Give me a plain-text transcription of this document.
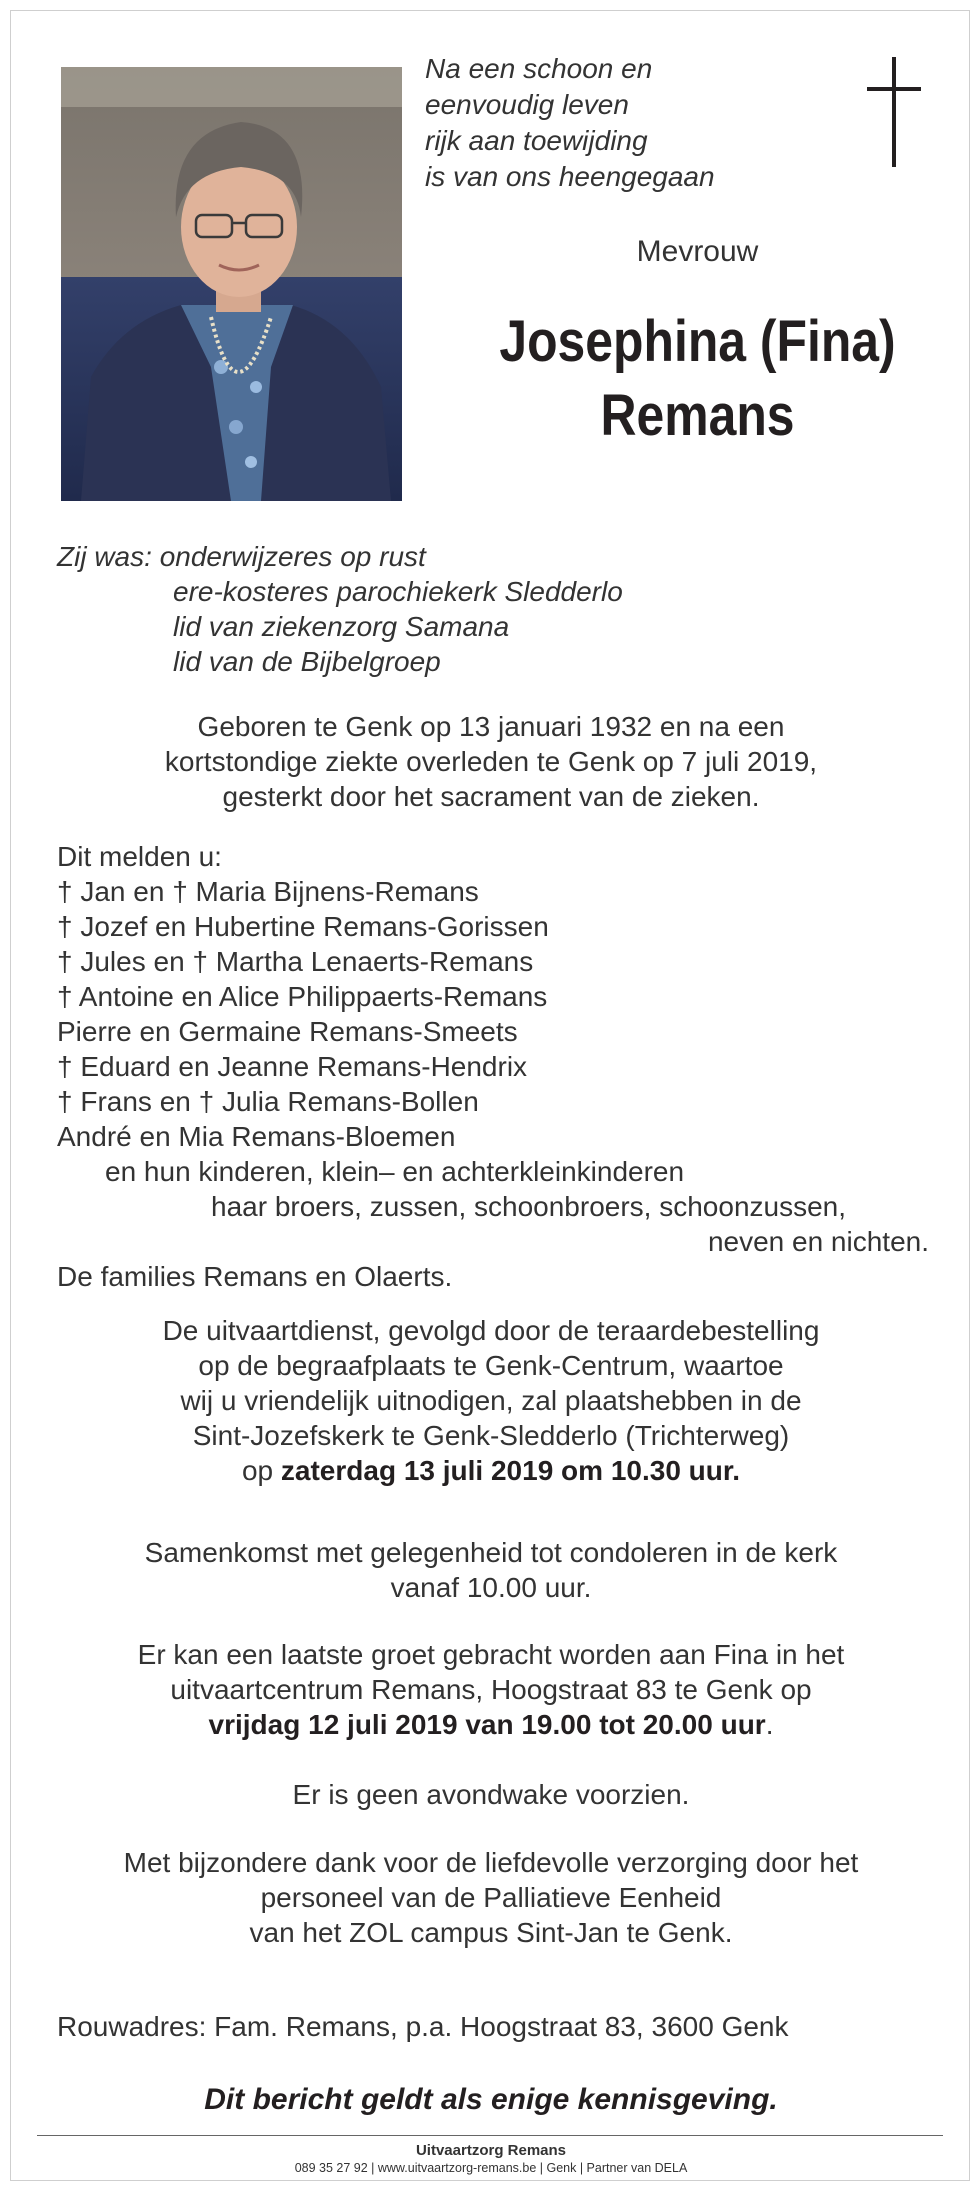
Na een schoon en
eenvoudig leven
rijk aan toewijding
is van ons heengegaan
Mevrouw
Josephina (Fina)
Remans
Zij was: onderwijzeres op rust
ere-kosteres parochiekerk Sledderlo
lid van ziekenzorg Samana
lid van de Bijbelgroep
Geboren te Genk op 13 januari 1932 en na een
kortstondige ziekte overleden te Genk op 7 juli 2019,
gesterkt door het sacrament van de zieken.
Dit melden u:
† Jan en † Maria Bijnens-Remans
† Jozef en Hubertine Remans-Gorissen
† Jules en † Martha Lenaerts-Remans
† Antoine en Alice Philippaerts-Remans
Pierre en Germaine Remans-Smeets
† Eduard en Jeanne Remans-Hendrix
† Frans en † Julia Remans-Bollen
André en Mia Remans-Bloemen
en hun kinderen, klein– en achterkleinkinderen
haar broers, zussen, schoonbroers, schoonzussen,
neven en nichten.
De families Remans en Olaerts.
De uitvaartdienst, gevolgd door de teraardebestelling
op de begraafplaats te Genk-Centrum, waartoe
wij u vriendelijk uitnodigen, zal plaatshebben in de
Sint-Jozefskerk te Genk-Sledderlo (Trichterweg)
op zaterdag 13 juli 2019 om 10.30 uur.
Samenkomst met gelegenheid tot condoleren in de kerk
vanaf 10.00 uur.
Er kan een laatste groet gebracht worden aan Fina in het
uitvaartcentrum Remans, Hoogstraat 83 te Genk op
vrijdag 12 juli 2019 van 19.00 tot 20.00 uur.
Er is geen avondwake voorzien.
Met bijzondere dank voor de liefdevolle verzorging door het
personeel van de Palliatieve Eenheid
van het ZOL campus Sint-Jan te Genk.
Rouwadres: Fam. Remans, p.a. Hoogstraat 83, 3600 Genk
Dit bericht geldt als enige kennisgeving.
Uitvaartzorg Remans
089 35 27 92 | www.uitvaartzorg-remans.be | Genk | Partner van DELA
